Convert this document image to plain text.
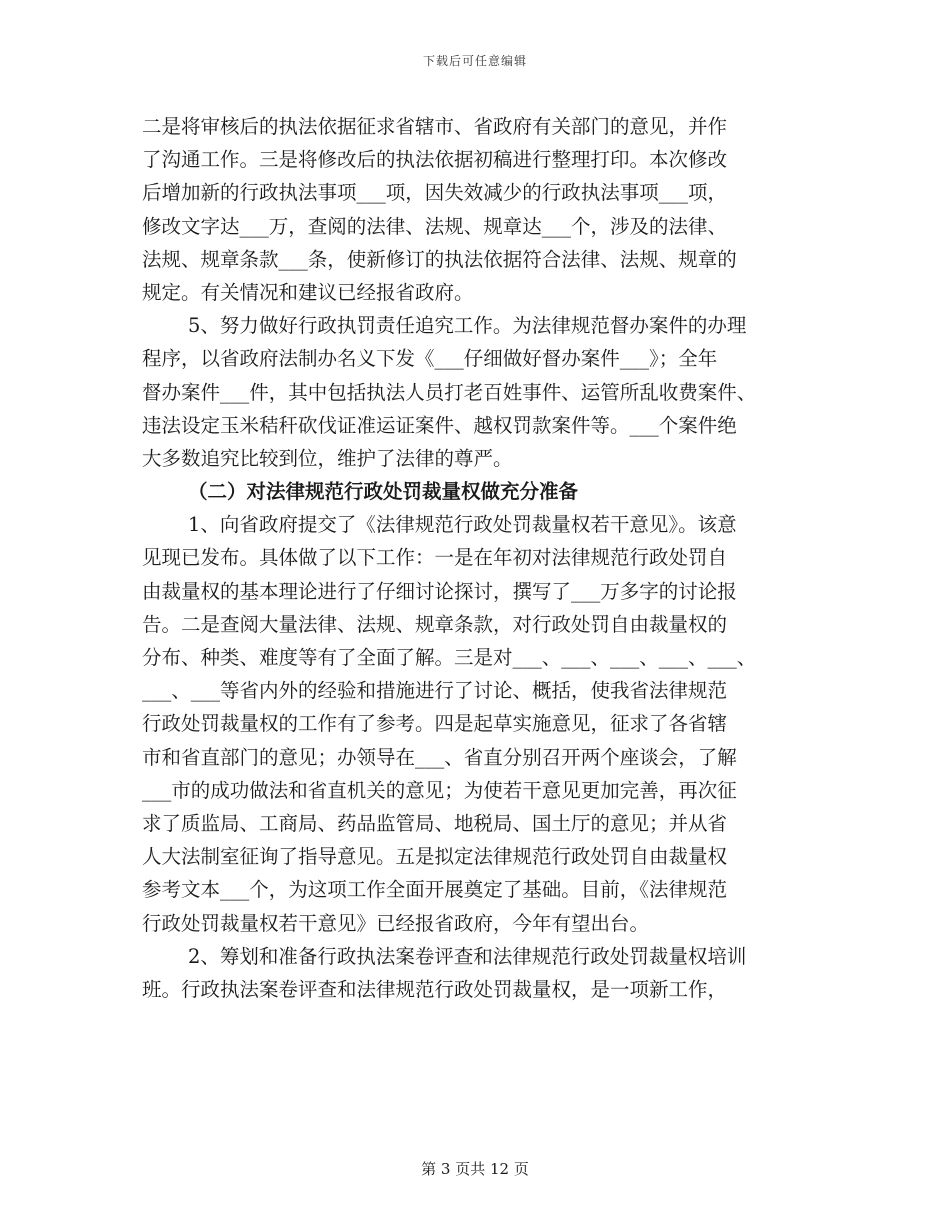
下载后可任意编辑
二是将审核后的执法依据征求省辖市、省政府有关部门的意见，并作
了沟通工作。三是将修改后的执法依据初稿进行整理打印。本次修改
后增加新的行政执法事项___项，因失效减少的行政执法事项___项，
修改文字达___万，查阅的法律、法规、规章达___个，涉及的法律、
法规、规章条款___条，使新修订的执法依据符合法律、法规、规章的
规定。有关情况和建议已经报省政府。
5、努力做好行政执罚责任追究工作。为法律规范督办案件的办理
程序，以省政府法制办名义下发《___仔细做好督办案件___》；全年
督办案件___件，其中包括执法人员打老百姓事件、运管所乱收费案件、
违法设定玉米秸秆砍伐证准运证案件、越权罚款案件等。___个案件绝
大多数追究比较到位，维护了法律的尊严。
（二）对法律规范行政处罚裁量权做充分准备
1、向省政府提交了《法律规范行政处罚裁量权若干意见》。该意
见现已发布。具体做了以下工作：一是在年初对法律规范行政处罚自
由裁量权的基本理论进行了仔细讨论探讨，撰写了___万多字的讨论报
告。二是查阅大量法律、法规、规章条款，对行政处罚自由裁量权的
分布、种类、难度等有了全面了解。三是对___、___、___、___、___、
___、___等省内外的经验和措施进行了讨论、概括，使我省法律规范
行政处罚裁量权的工作有了参考。四是起草实施意见，征求了各省辖
市和省直部门的意见；办领导在___、省直分别召开两个座谈会，了解
___市的成功做法和省直机关的意见；为使若干意见更加完善，再次征
求了质监局、工商局、药品监管局、地税局、国土厅的意见；并从省
人大法制室征询了指导意见。五是拟定法律规范行政处罚自由裁量权
参考文本___个，为这项工作全面开展奠定了基础。目前，《法律规范
行政处罚裁量权若干意见》已经报省政府，今年有望出台。
2、筹划和准备行政执法案卷评查和法律规范行政处罚裁量权培训
班。行政执法案卷评查和法律规范行政处罚裁量权，是一项新工作，
第 3 页共 12 页
